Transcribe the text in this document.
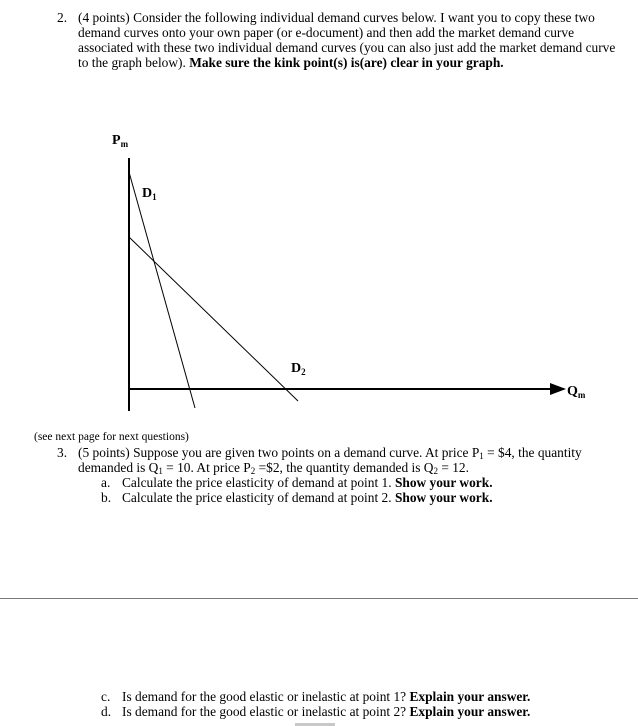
2. (4 points) Consider the following individual demand curves below. I want you to copy these two demand curves onto your own paper (or e-document) and then add the market demand curve associated with these two individual demand curves (you can also just add the market demand curve to the graph below). Make sure the kink point(s) is(are) clear in your graph.
$P_m$
$Q_m$
$D_1$
$D_2$
(see next page for next questions)
3. (5 points) Suppose you are given two points on a demand curve. At price $P_1$ = $4, the quantity
demanded is $Q_1 = 10$. At price $P_2$ =$2, the quantity demanded is $Q_2 = 12$.
a. Calculate the price elasticity of demand at point 1. Show your work.
b. Calculate the price elasticity of demand at point 2. Show your work.
c. Is demand for the good elastic or inelastic at point 1? Explain your answer.
d. Is demand for the good elastic or inelastic at point 2? Explain your answer.
